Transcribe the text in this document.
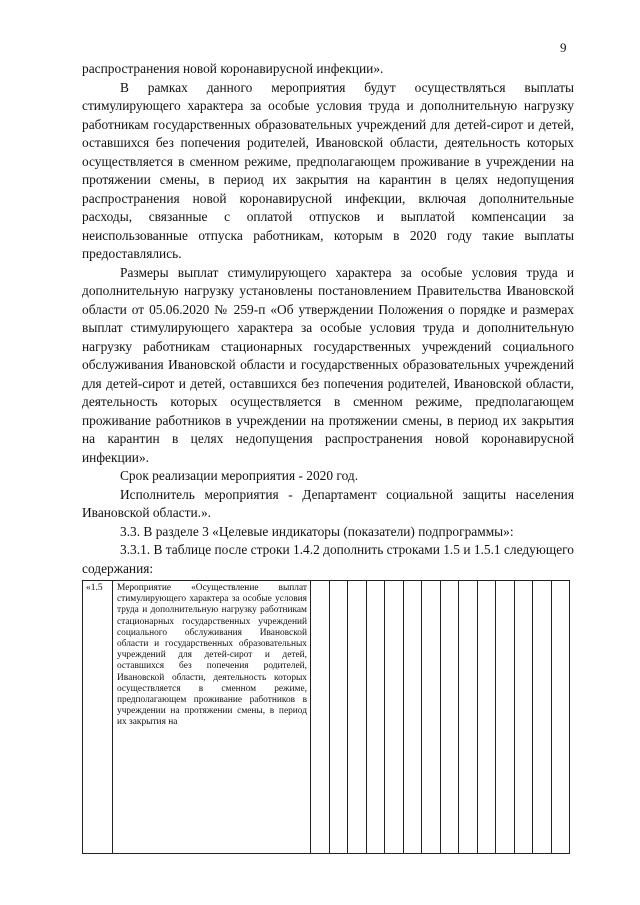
9

распространения новой коронавирусной инфекции».

В рамках данного мероприятия будут осуществляться выплаты стимулирующего характера за особые условия труда и дополнительную нагрузку работникам государственных образовательных учреждений для детей-сирот и детей, оставшихся без попечения родителей, Ивановской области, деятельность которых осуществляется в сменном режиме, предполагающем проживание в учреждении на протяжении смены, в период их закрытия на карантин в целях недопущения распространения новой коронавирусной инфекции, включая дополнительные расходы, связанные с оплатой отпусков и выплатой компенсации за неиспользованные отпуска работникам, которым в 2020 году такие выплаты предоставлялись.

Размеры выплат стимулирующего характера за особые условия труда и дополнительную нагрузку установлены постановлением Правительства Ивановской области от 05.06.2020 № 259-п «Об утверждении Положения о порядке и размерах выплат стимулирующего характера за особые условия труда и дополнительную нагрузку работникам стационарных государственных учреждений социального обслуживания Ивановской области и государственных образовательных учреждений для детей-сирот и детей, оставшихся без попечения родителей, Ивановской области, деятельность которых осуществляется в сменном режиме, предполагающем проживание работников в учреждении на протяжении смены, в период их закрытия на карантин в целях недопущения распространения новой коронавирусной инфекции».

Срок реализации мероприятия - 2020 год.

Исполнитель мероприятия - Департамент социальной защиты населения Ивановской области.».

3.3. В разделе 3 «Целевые индикаторы (показатели) подпрограммы»:

3.3.1. В таблице после строки 1.4.2 дополнить строками 1.5 и 1.5.1 следующего содержания:

«1.5	Мероприятие «Осуществление выплат стимулирующего характера за особые условия труда и дополнительную нагрузку работникам стационарных государственных учреждений социального обслуживания Ивановской области и государственных образовательных учреждений для детей-сирот и детей, оставшихся без попечения родителей, Ивановской области, деятельность которых осуществляется в сменном режиме, предполагающем проживание работников в учреждении на протяжении смены, в период их закрытия на														
